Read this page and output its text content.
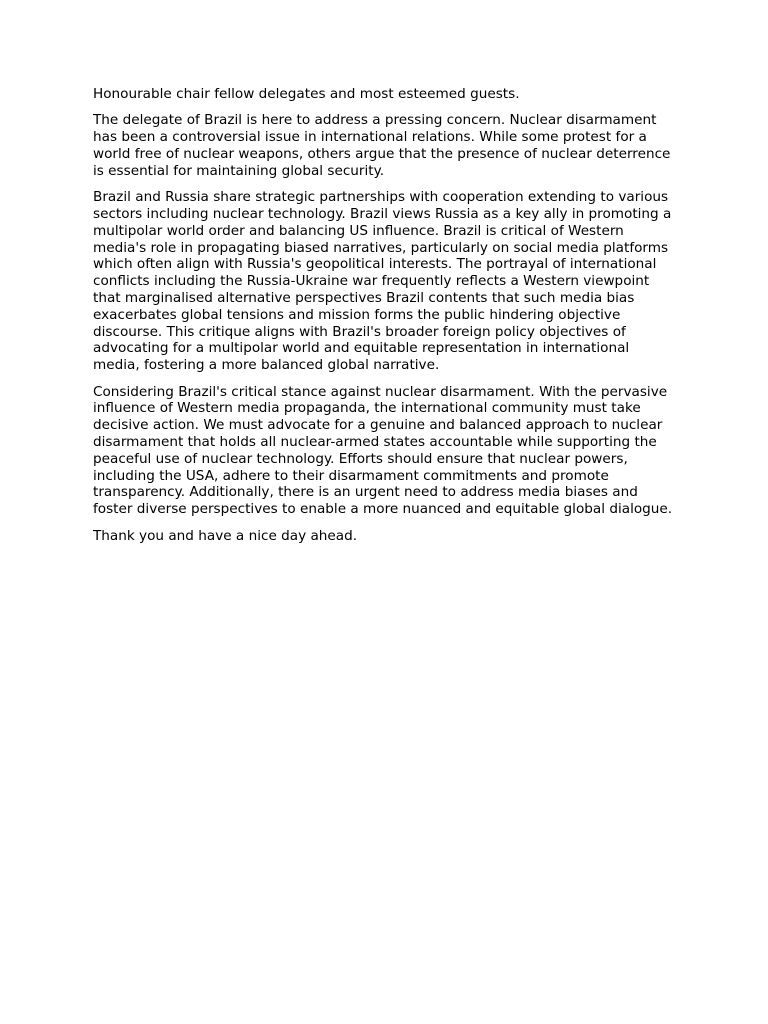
Honourable chair fellow delegates and most esteemed guests.

The delegate of Brazil is here to address a pressing concern. Nuclear disarmament has been a controversial issue in international relations. While some protest for a world free of nuclear weapons, others argue that the presence of nuclear deterrence is essential for maintaining global security.

Brazil and Russia share strategic partnerships with cooperation extending to various sectors including nuclear technology. Brazil views Russia as a key ally in promoting a multipolar world order and balancing US influence. Brazil is critical of Western media's role in propagating biased narratives, particularly on social media platforms which often align with Russia's geopolitical interests. The portrayal of international conflicts including the Russia-Ukraine war frequently reflects a Western viewpoint that marginalised alternative perspectives Brazil contents that such media bias exacerbates global tensions and mission forms the public hindering objective discourse. This critique aligns with Brazil's broader foreign policy objectives of advocating for a multipolar world and equitable representation in international media, fostering a more balanced global narrative.

Considering Brazil's critical stance against nuclear disarmament. With the pervasive influence of Western media propaganda, the international community must take decisive action. We must advocate for a genuine and balanced approach to nuclear disarmament that holds all nuclear-armed states accountable while supporting the peaceful use of nuclear technology. Efforts should ensure that nuclear powers, including the USA, adhere to their disarmament commitments and promote transparency. Additionally, there is an urgent need to address media biases and foster diverse perspectives to enable a more nuanced and equitable global dialogue.

Thank you and have a nice day ahead.
